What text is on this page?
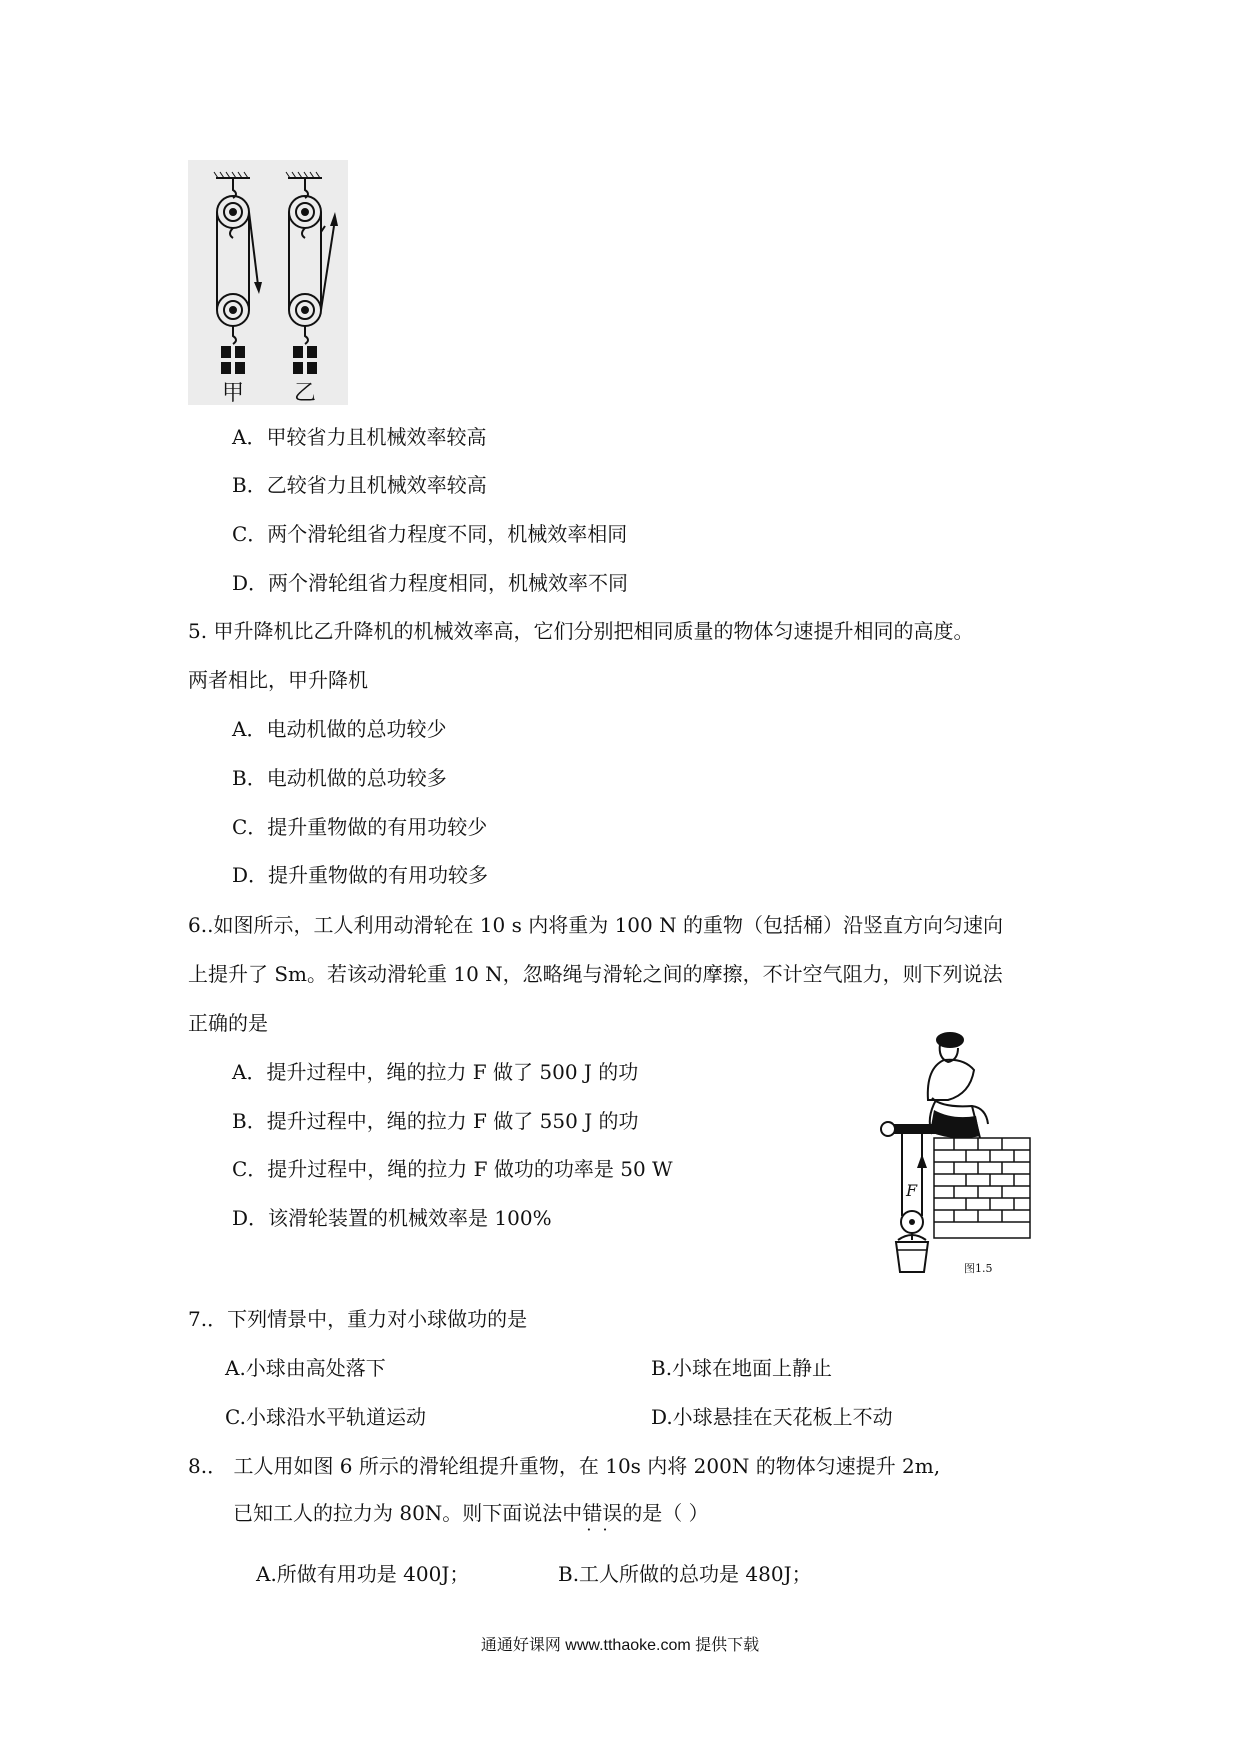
甲 乙
A．甲较省力且机械效率较高
B．乙较省力且机械效率较高
C．两个滑轮组省力程度不同，机械效率相同
D．两个滑轮组省力程度相同，机械效率不同
5. 甲升降机比乙升降机的机械效率高，它们分别把相同质量的物体匀速提升相同的高度。
两者相比，甲升降机
A．电动机做的总功较少
B．电动机做的总功较多
C．提升重物做的有用功较少
D．提升重物做的有用功较多
6..如图所示，工人利用动滑轮在 10 s 内将重为 100 N 的重物（包括桶）沿竖直方向匀速向
上提升了 Sm。若该动滑轮重 10 N，忽略绳与滑轮之间的摩擦，不计空气阻力，则下列说法
正确的是
A．提升过程中，绳的拉力 F 做了 500 J 的功
B．提升过程中，绳的拉力 F 做了 550 J 的功
C．提升过程中，绳的拉力 F 做功的功率是 50 W
D．该滑轮装置的机械效率是 100%
F
图1.5
7.．下列情景中，重力对小球做功的是
A.小球由高处落下	B.小球在地面上静止
C.小球沿水平轨道运动	D.小球悬挂在天花板上不动
8.． 工人用如图 6 所示的滑轮组提升重物，在 10s 内将 200N 的物体匀速提升 2m,
已知工人的拉力为 80N。则下面说法中错误 · ·的是（ ）
A.所做有用功是 400J；	B.工人所做的总功是 480J；
通通好课网 www.tthaoke.com 提供下载
